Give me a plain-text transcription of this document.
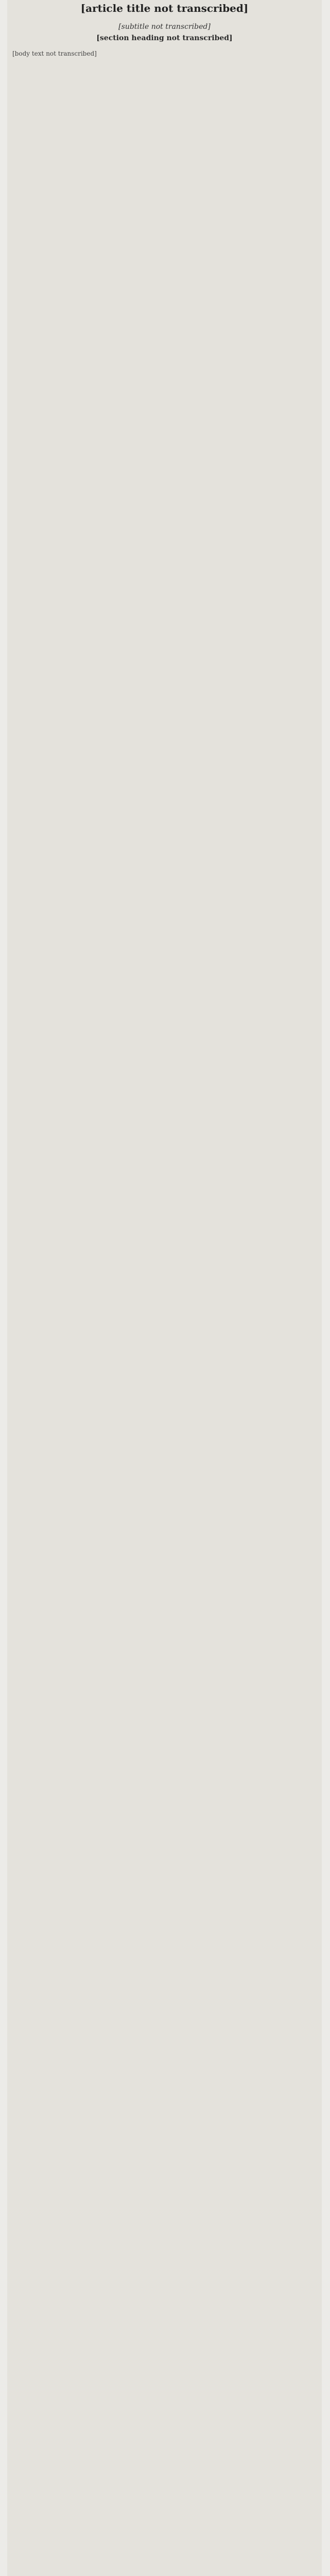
[article title not transcribed]
[subtitle not transcribed]
[section heading not transcribed]
[body text not transcribed]
